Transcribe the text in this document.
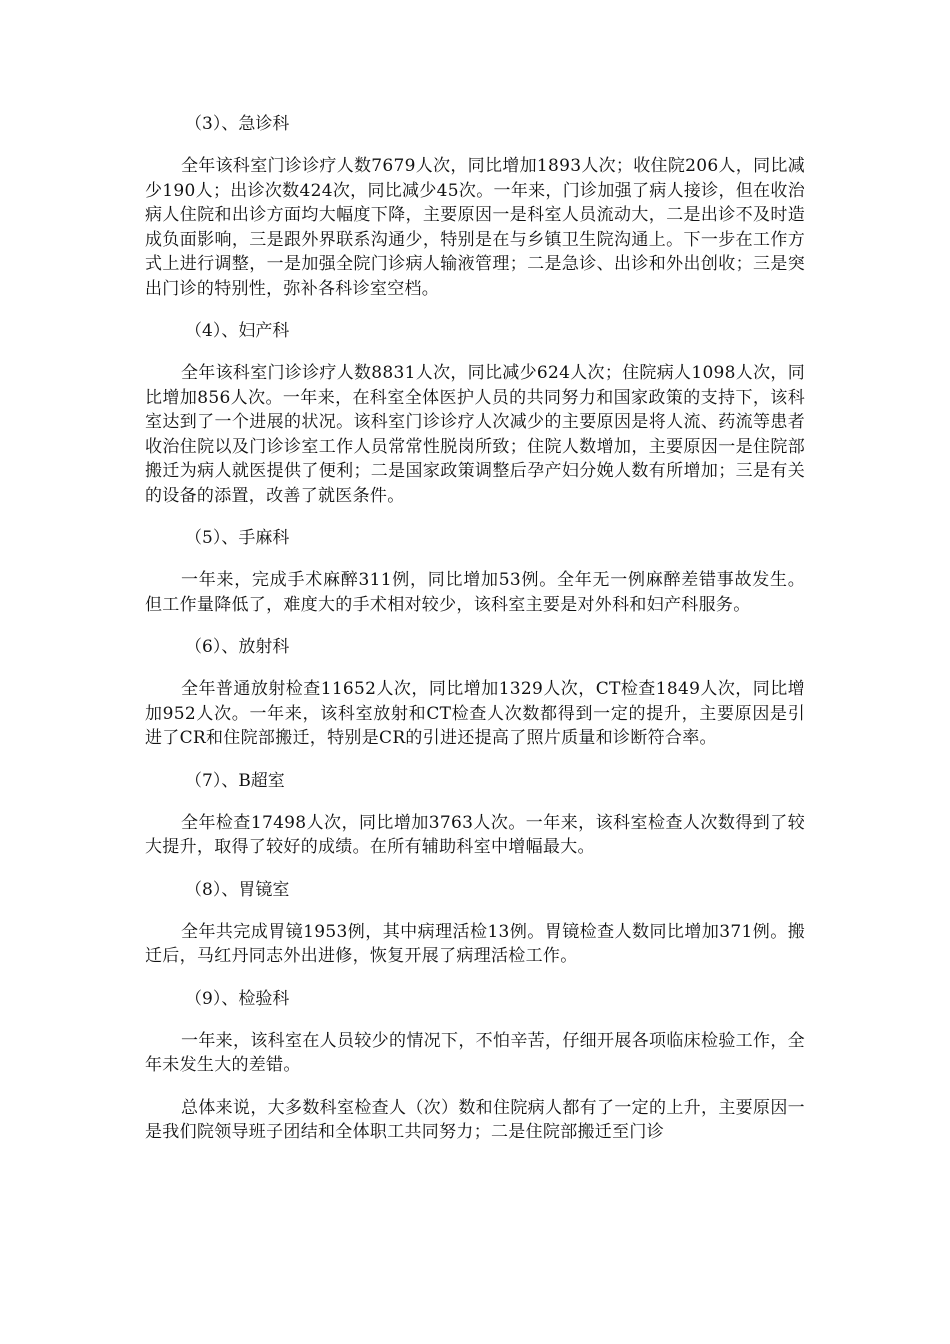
（3）、急诊科
全年该科室门诊诊疗人数7679人次，同比增加1893人次；收住院206人，同比减少190人；出诊次数424次，同比减少45次。一年来，门诊加强了病人接诊，但在收治病人住院和出诊方面均大幅度下降，主要原因一是科室人员流动大，二是出诊不及时造成负面影响，三是跟外界联系沟通少，特别是在与乡镇卫生院沟通上。下一步在工作方式上进行调整，一是加强全院门诊病人输液管理；二是急诊、出诊和外出创收；三是突出门诊的特别性，弥补各科诊室空档。
（4）、妇产科
全年该科室门诊诊疗人数8831人次，同比减少624人次；住院病人1098人次，同比增加856人次。一年来，在科室全体医护人员的共同努力和国家政策的支持下，该科室达到了一个进展的状况。该科室门诊诊疗人次减少的主要原因是将人流、药流等患者收治住院以及门诊诊室工作人员常常性脱岗所致；住院人数增加，主要原因一是住院部搬迁为病人就医提供了便利；二是国家政策调整后孕产妇分娩人数有所增加；三是有关的设备的添置，改善了就医条件。
（5）、手麻科
一年来，完成手术麻醉311例，同比增加53例。全年无一例麻醉差错事故发生。但工作量降低了，难度大的手术相对较少，该科室主要是对外科和妇产科服务。
（6）、放射科
全年普通放射检查11652人次，同比增加1329人次，CT检查1849人次，同比增加952人次。一年来，该科室放射和CT检查人次数都得到一定的提升，主要原因是引进了CR和住院部搬迁，特别是CR的引进还提高了照片质量和诊断符合率。
（7）、B超室
全年检查17498人次，同比增加3763人次。一年来，该科室检查人次数得到了较大提升，取得了较好的成绩。在所有辅助科室中增幅最大。
（8）、胃镜室
全年共完成胃镜1953例，其中病理活检13例。胃镜检查人数同比增加371例。搬迁后，马红丹同志外出进修，恢复开展了病理活检工作。
（9）、检验科
一年来，该科室在人员较少的情况下，不怕辛苦，仔细开展各项临床检验工作，全年未发生大的差错。
总体来说，大多数科室检查人（次）数和住院病人都有了一定的上升，主要原因一是我们院领导班子团结和全体职工共同努力；二是住院部搬迁至门诊
